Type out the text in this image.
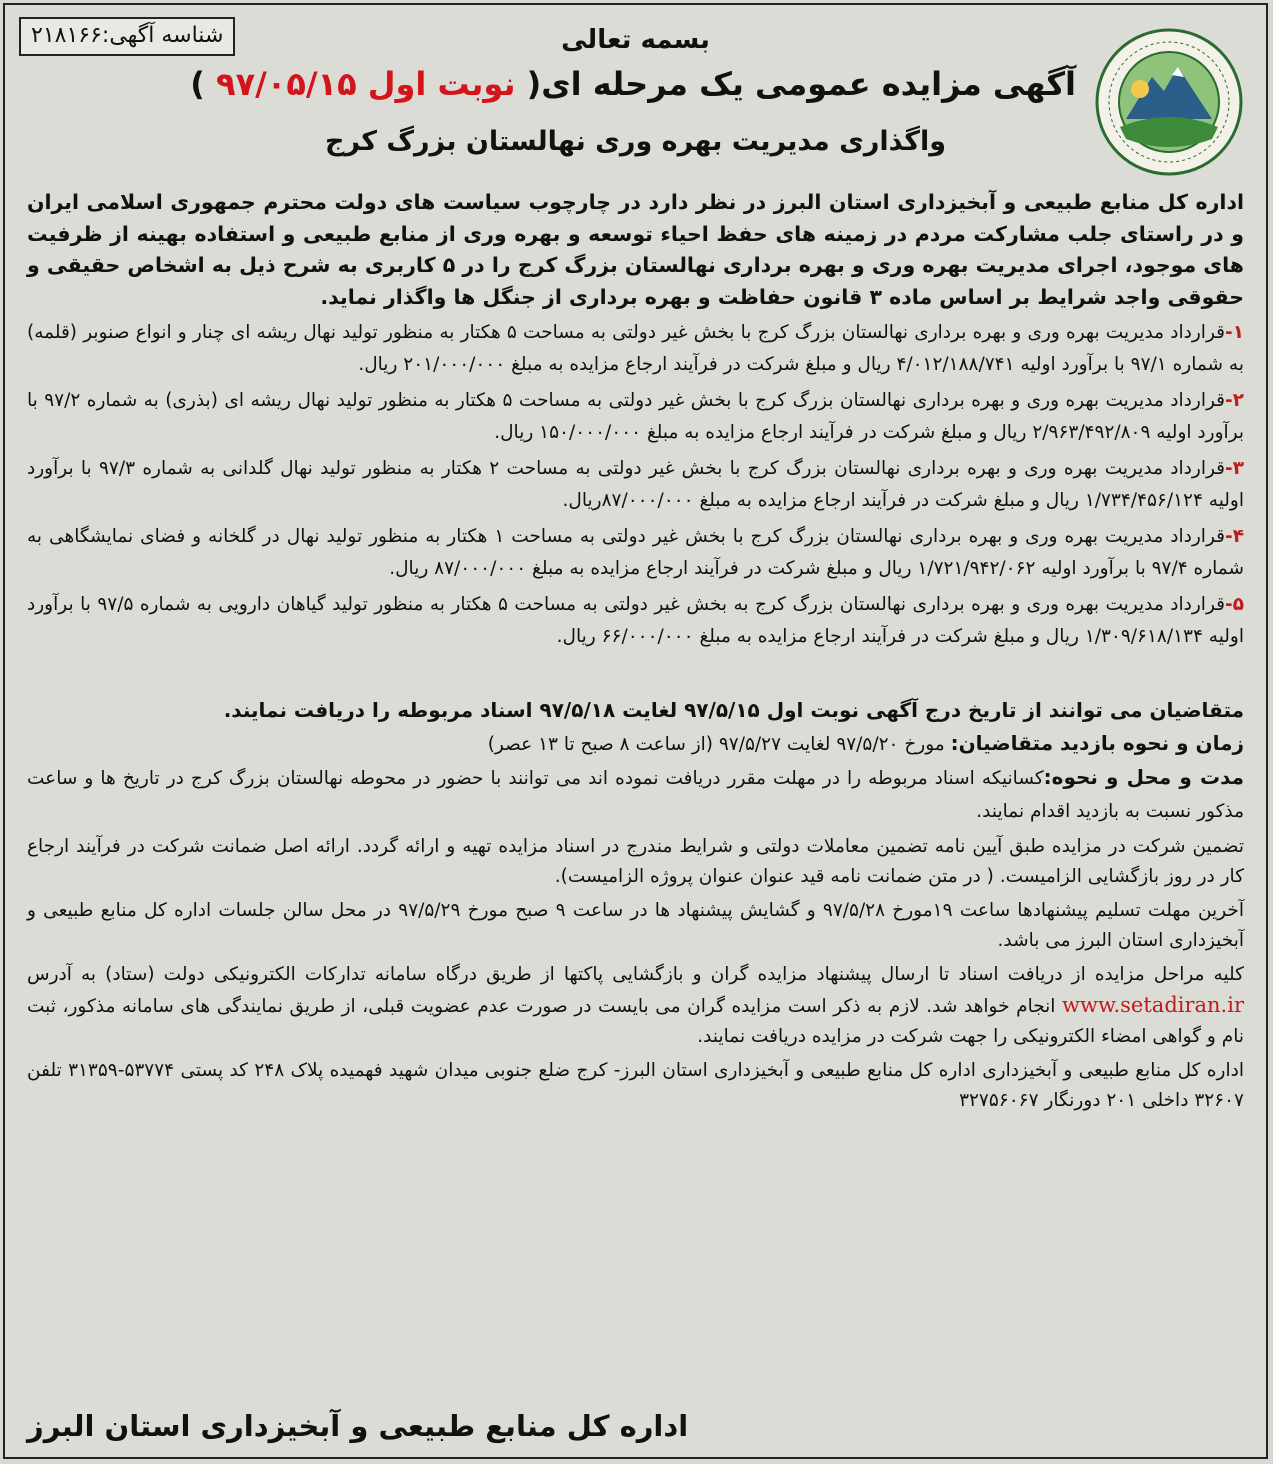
شناسه آگهی:۲۱۸۱۶۶	بسمه تعالی
آگهی مزایده عمومی یک مرحله ای( نوبت اول ۹۷/۰۵/۱۵ )
واگذاری مدیریت بهره وری نهالستان بزرگ کرج

اداره کل منابع طبیعی و آبخیزداری استان البرز در نظر دارد در چارچوب سیاست های دولت محترم جمهوری اسلامی ایران و در راستای جلب مشارکت مردم در زمینه های حفظ احیاء توسعه و بهره وری از منابع طبیعی و استفاده بهینه از ظرفیت های موجود، اجرای مدیریت بهره وری و بهره برداری نهالستان بزرگ کرج را در ۵ کاربری به شرح ذیل به اشخاص حقیقی و حقوقی واجد شرایط بر اساس ماده ۳ قانون حفاظت و بهره برداری از جنگل ها واگذار نماید.

۱-قرارداد مدیریت بهره وری و بهره برداری نهالستان بزرگ کرج با بخش غیر دولتی به مساحت ۵ هکتار به منظور تولید نهال ریشه ای چنار و انواع صنوبر (قلمه) به شماره ۹۷/۱ با برآورد اولیه ۴/۰۱۲/۱۸۸/۷۴۱ ریال و مبلغ شرکت در فرآیند ارجاع مزایده به مبلغ ۲۰۱/۰۰۰/۰۰۰ ریال.

۲-قرارداد مدیریت بهره وری و بهره برداری نهالستان بزرگ کرج با بخش غیر دولتی به مساحت ۵ هکتار به منظور تولید نهال ریشه ای (بذری) به شماره ۹۷/۲ با برآورد اولیه ۲/۹۶۳/۴۹۲/۸۰۹ ریال و مبلغ شرکت در فرآیند ارجاع مزایده به مبلغ ۱۵۰/۰۰۰/۰۰۰ ریال.

۳-قرارداد مدیریت بهره وری و بهره برداری نهالستان بزرگ کرج با بخش غیر دولتی به مساحت ۲ هکتار به منظور تولید نهال گلدانی به شماره ۹۷/۳ با برآورد اولیه ۱/۷۳۴/۴۵۶/۱۲۴ ریال و مبلغ شرکت در فرآیند ارجاع مزایده به مبلغ ۸۷/۰۰۰/۰۰۰ریال.

۴-قرارداد مدیریت بهره وری و بهره برداری نهالستان بزرگ کرج با بخش غیر دولتی به مساحت ۱ هکتار به منظور تولید نهال در گلخانه و فضای نمایشگاهی به شماره ۹۷/۴ با برآورد اولیه ۱/۷۲۱/۹۴۲/۰۶۲ ریال و مبلغ شرکت در فرآیند ارجاع مزایده به مبلغ ۸۷/۰۰۰/۰۰۰ ریال.

۵-قرارداد مدیریت بهره وری و بهره برداری نهالستان بزرگ کرج به بخش غیر دولتی به مساحت ۵ هکتار به منظور تولید گیاهان دارویی به شماره ۹۷/۵ با برآورد اولیه ۱/۳۰۹/۶۱۸/۱۳۴ ریال و مبلغ شرکت در فرآیند ارجاع مزایده به مبلغ ۶۶/۰۰۰/۰۰۰ ریال.

متقاضیان می توانند از تاریخ درج آگهی نوبت اول ۹۷/۵/۱۵ لغایت ۹۷/۵/۱۸ اسناد مربوطه را دریافت نمایند.

زمان و نحوه بازدید متقاضیان: مورخ ۹۷/۵/۲۰ لغایت ۹۷/۵/۲۷ (از ساعت ۸ صبح تا ۱۳ عصر)

مدت و محل و نحوه:کسانیکه اسناد مربوطه را در مهلت مقرر دریافت نموده اند می توانند با حضور در محوطه نهالستان بزرگ کرج در تاریخ ها و ساعت مذکور نسبت به بازدید اقدام نمایند.

تضمین شرکت در مزایده طبق آیین نامه تضمین معاملات دولتی و شرایط مندرج در اسناد مزایده تهیه و ارائه گردد. ارائه اصل ضمانت شرکت در فرآیند ارجاع کار در روز بازگشایی الزامیست. ( در متن ضمانت نامه قید عنوان عنوان پروژه الزامیست).

آخرین مهلت تسلیم پیشنهادها ساعت ۱۹مورخ ۹۷/۵/۲۸ و گشایش پیشنهاد ها در ساعت ۹ صبح مورخ ۹۷/۵/۲۹ در محل سالن جلسات اداره کل منابع طبیعی و آبخیزداری استان البرز می باشد.

کلیه مراحل مزایده از دریافت اسناد تا ارسال پیشنهاد مزایده گران و بازگشایی پاکتها از طریق درگاه سامانه تدارکات الکترونیکی دولت (ستاد) به آدرس www.setadiran.ir انجام خواهد شد. لازم به ذکر است مزایده گران می بایست در صورت عدم عضویت قبلی، از طریق نمایندگی های سامانه مذکور، ثبت نام و گواهی امضاء الکترونیکی را جهت شرکت در مزایده دریافت نمایند.

اداره کل منابع طبیعی و آبخیزداری اداره کل منابع طبیعی و آبخیزداری استان البرز- کرج ضلع جنوبی میدان شهید فهمیده پلاک ۲۴۸ کد پستی ۵۳۷۷۴-۳۱۳۵۹ تلفن ۳۲۶۰۷ داخلی ۲۰۱ دورنگار ۳۲۷۵۶۰۶۷

اداره کل منابع طبیعی و آبخیزداری استان البرز
